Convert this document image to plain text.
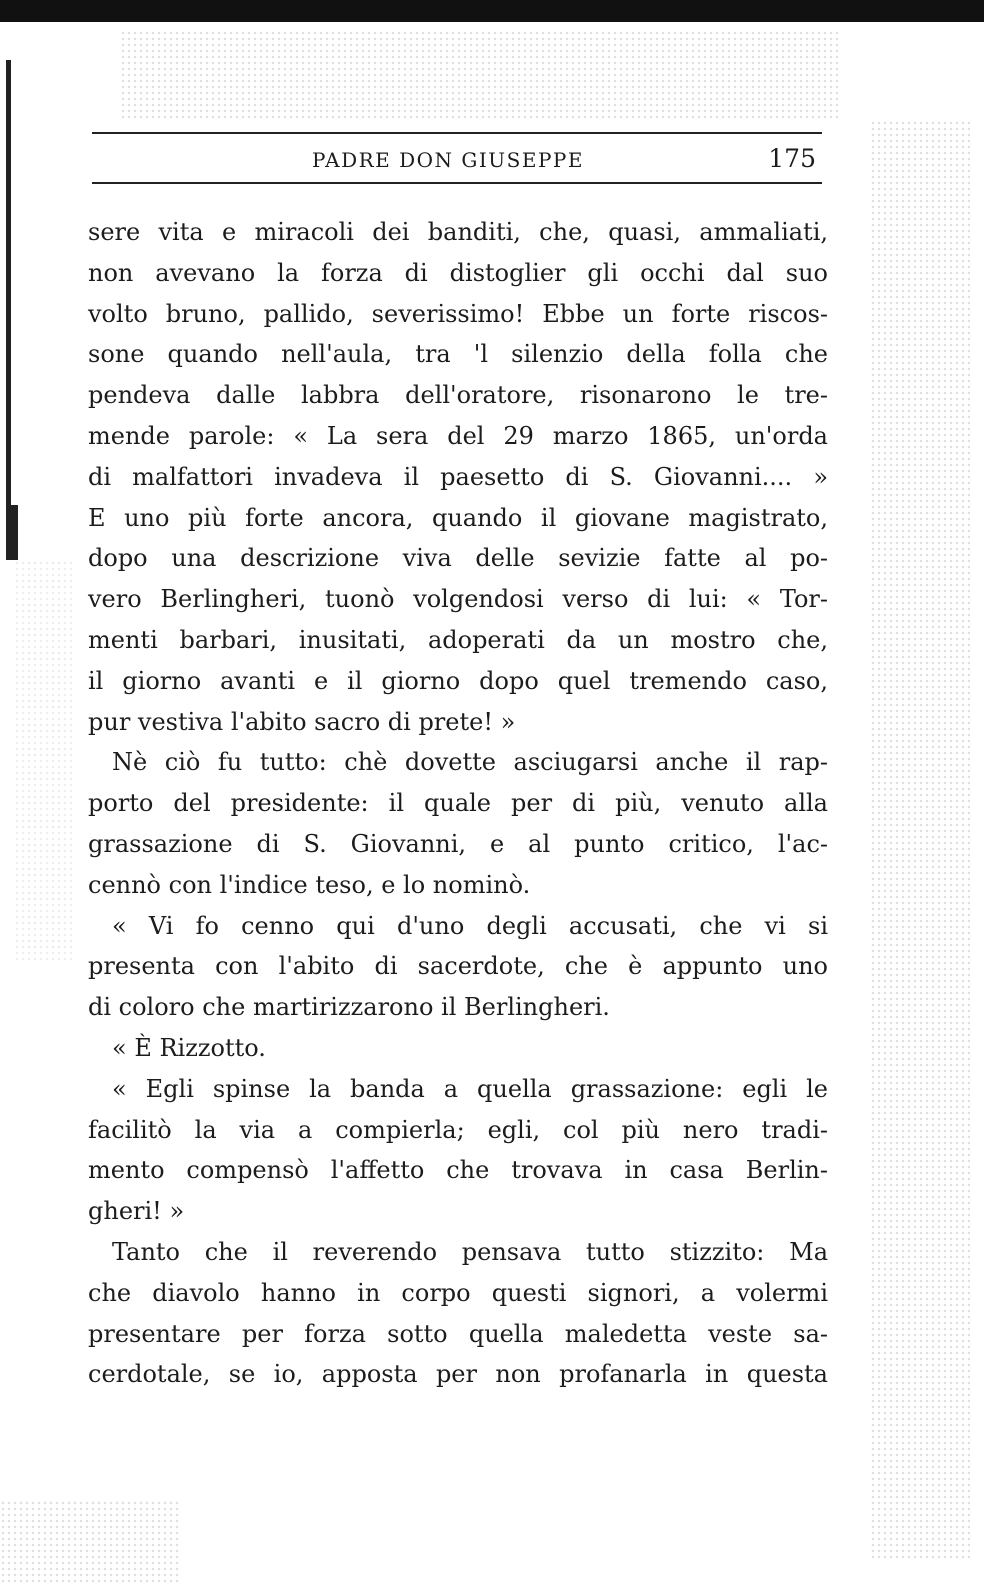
PADRE DON GIUSEPPE	175
sere vita e miracoli dei banditi, che, quasi, ammaliati,
non avevano la forza di distoglier gli occhi dal suo
volto bruno, pallido, severissimo! Ebbe un forte riscos-
sone quando nell'aula, tra 'l silenzio della folla che
pendeva dalle labbra dell'oratore, risonarono le tre-
mende parole: « La sera del 29 marzo 1865, un'orda
di malfattori invadeva il paesetto di S. Giovanni.... »
E uno più forte ancora, quando il giovane magistrato,
dopo una descrizione viva delle sevizie fatte al po-
vero Berlingheri, tuonò volgendosi verso di lui: « Tor-
menti barbari, inusitati, adoperati da un mostro che,
il giorno avanti e il giorno dopo quel tremendo caso,
pur vestiva l'abito sacro di prete! »
Nè ciò fu tutto: chè dovette asciugarsi anche il rap-
porto del presidente: il quale per di più, venuto alla
grassazione di S. Giovanni, e al punto critico, l'ac-
cennò con l'indice teso, e lo nominò.
« Vi fo cenno qui d'uno degli accusati, che vi si
presenta con l'abito di sacerdote, che è appunto uno
di coloro che martirizzarono il Berlingheri.
« È Rizzotto.
« Egli spinse la banda a quella grassazione: egli le
facilitò la via a compierla; egli, col più nero tradi-
mento compensò l'affetto che trovava in casa Berlin-
gheri! »
Tanto che il reverendo pensava tutto stizzito: Ma
che diavolo hanno in corpo questi signori, a volermi
presentare per forza sotto quella maledetta veste sa-
cerdotale, se io, apposta per non profanarla in questa
